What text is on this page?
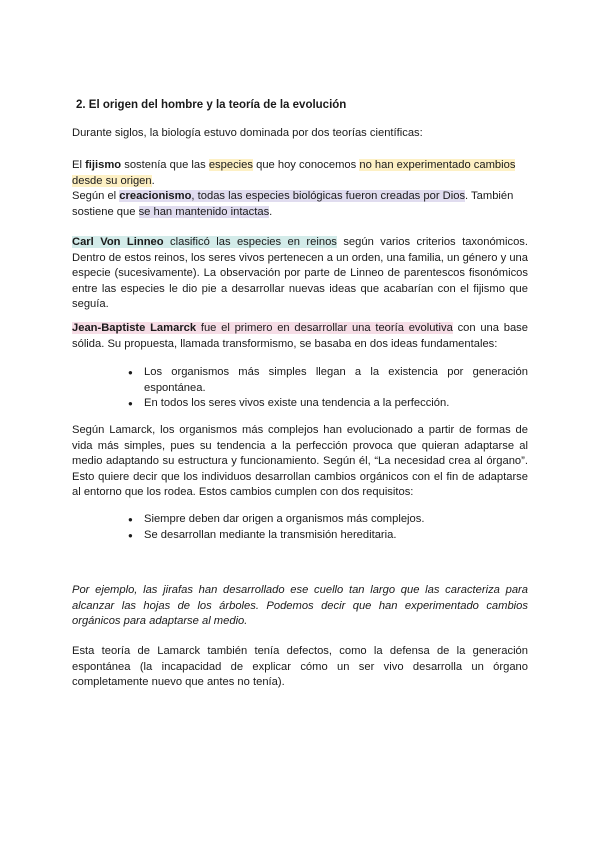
2. El origen del hombre y la teoría de la evolución

Durante siglos, la biología estuvo dominada por dos teorías científicas:

El fijismo sostenía que las especies que hoy conocemos no han experimentado cambios desde su origen.

Según el creacionismo, todas las especies biológicas fueron creadas por Dios. También sostiene que se han mantenido intactas.

Carl Von Linneo clasificó las especies en reinos según varios criterios taxonómicos. Dentro de estos reinos, los seres vivos pertenecen a un orden, una familia, un género y una especie (sucesivamente). La observación por parte de Linneo de parentescos fisonómicos entre las especies le dio pie a desarrollar nuevas ideas que acabarían con el fijismo que seguía.

Jean-Baptiste Lamarck fue el primero en desarrollar una teoría evolutiva con una base sólida. Su propuesta, llamada transformismo, se basaba en dos ideas fundamentales:

● Los organismos más simples llegan a la existencia por generación espontánea.
● En todos los seres vivos existe una tendencia a la perfección.

Según Lamarck, los organismos más complejos han evolucionado a partir de formas de vida más simples, pues su tendencia a la perfección provoca que quieran adaptarse al medio adaptando su estructura y funcionamiento. Según él, “La necesidad crea al órgano”. Esto quiere decir que los individuos desarrollan cambios orgánicos con el fin de adaptarse al entorno que los rodea. Estos cambios cumplen con dos requisitos:

● Siempre deben dar origen a organismos más complejos.
● Se desarrollan mediante la transmisión hereditaria.

Por ejemplo, las jirafas han desarrollado ese cuello tan largo que las caracteriza para alcanzar las hojas de los árboles. Podemos decir que han experimentado cambios orgánicos para adaptarse al medio.

Esta teoría de Lamarck también tenía defectos, como la defensa de la generación espontánea (la incapacidad de explicar cómo un ser vivo desarrolla un órgano completamente nuevo que antes no tenía).
